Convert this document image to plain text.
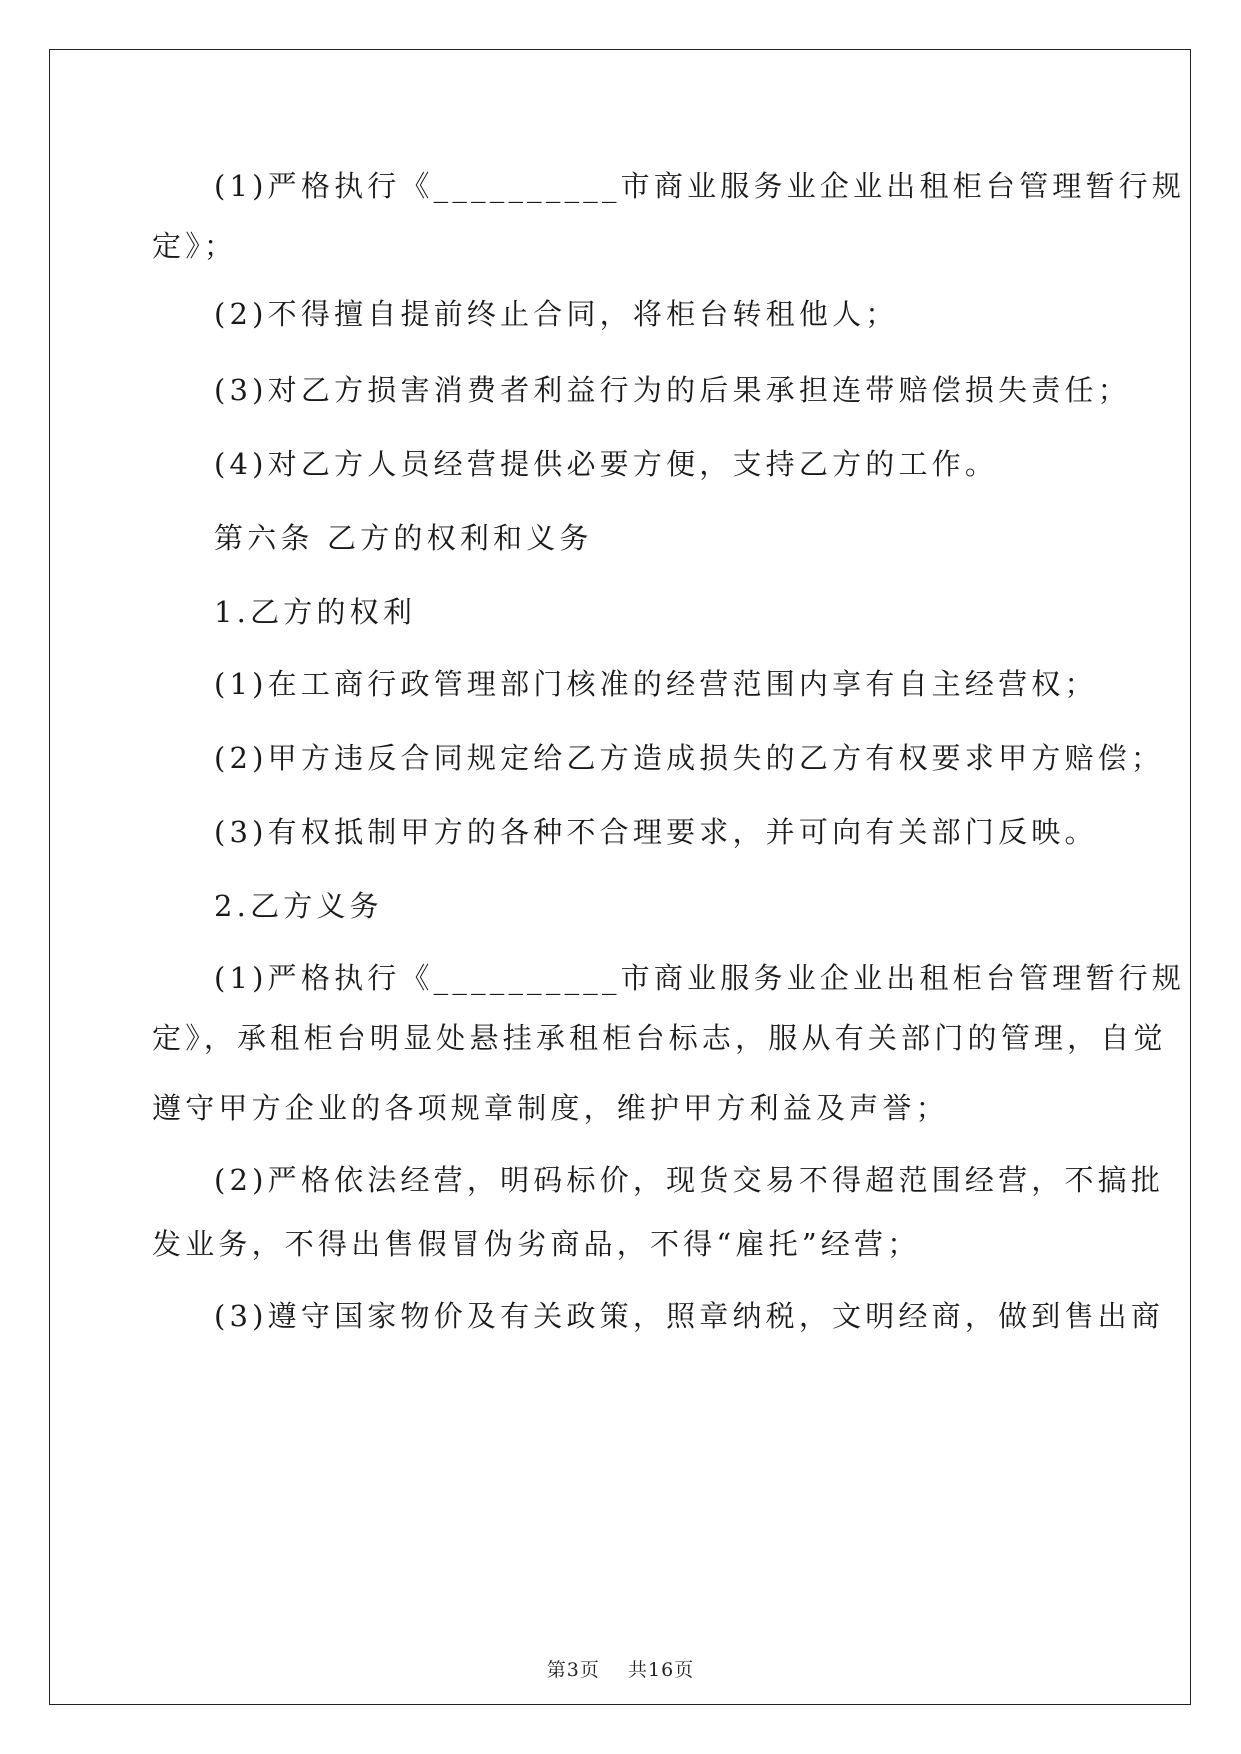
(1)严格执行《__________市商业服务业企业出租柜台管理暂行规
定》；
(2)不得擅自提前终止合同，将柜台转租他人；
(3)对乙方损害消费者利益行为的后果承担连带赔偿损失责任；
(4)对乙方人员经营提供必要方便，支持乙方的工作。
第六条 乙方的权利和义务
1.乙方的权利
(1)在工商行政管理部门核准的经营范围内享有自主经营权；
(2)甲方违反合同规定给乙方造成损失的乙方有权要求甲方赔偿；
(3)有权抵制甲方的各种不合理要求，并可向有关部门反映。
2.乙方义务
(1)严格执行《__________市商业服务业企业出租柜台管理暂行规
定》，承租柜台明显处悬挂承租柜台标志，服从有关部门的管理，自觉
遵守甲方企业的各项规章制度，维护甲方利益及声誉；
(2)严格依法经营，明码标价，现货交易不得超范围经营，不搞批
发业务，不得出售假冒伪劣商品，不得“雇托”经营；
(3)遵守国家物价及有关政策，照章纳税，文明经商，做到售出商
第3页 共16页
